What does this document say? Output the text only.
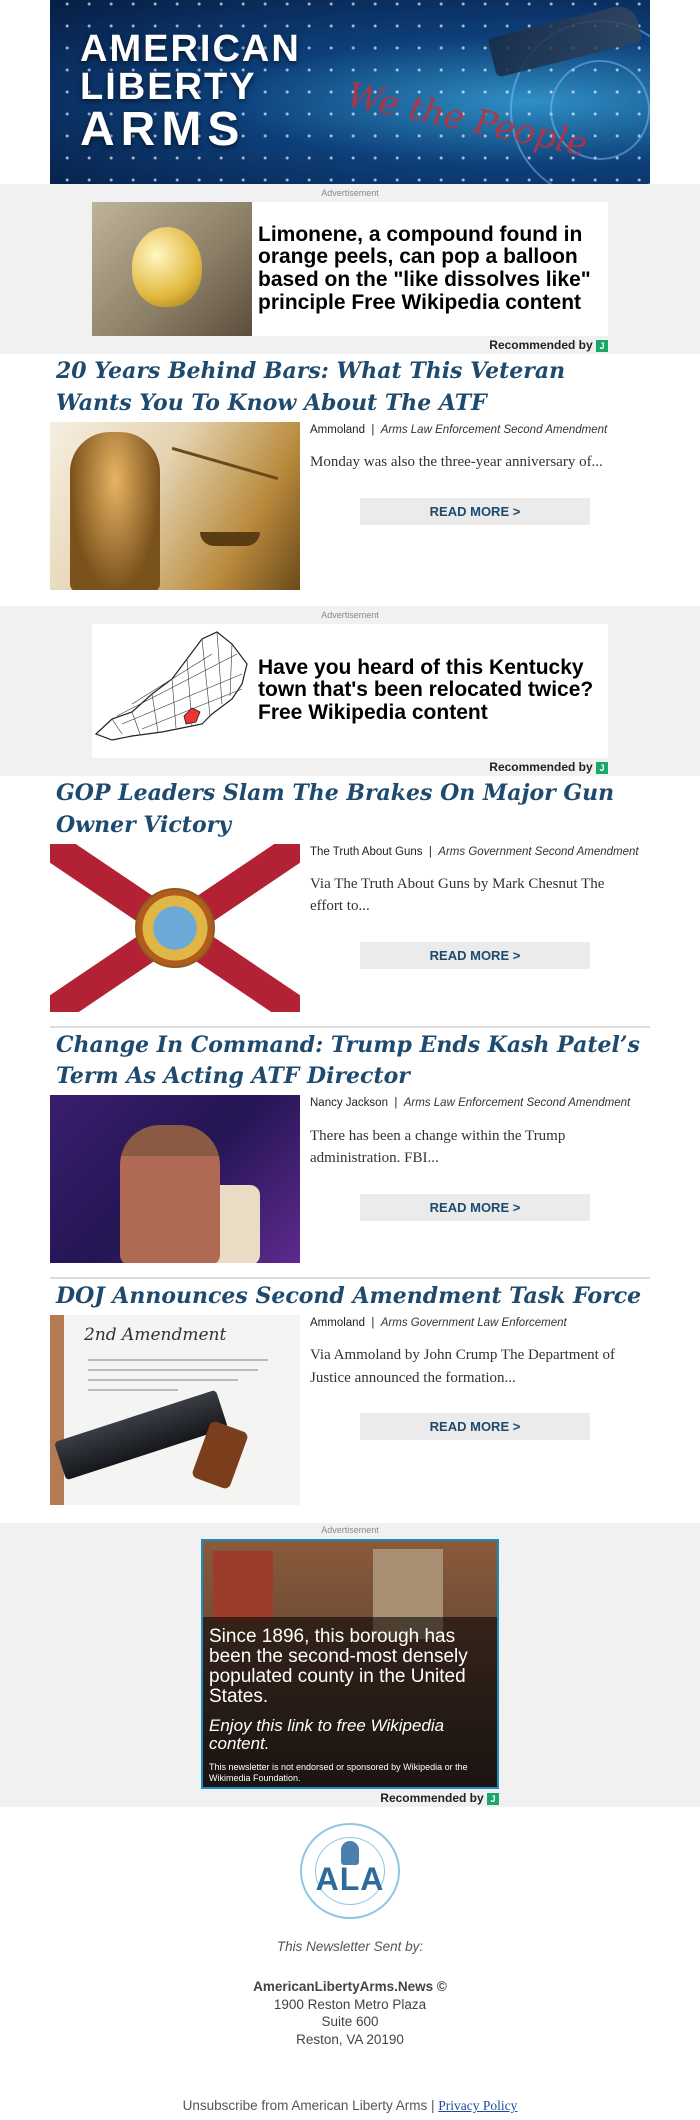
AMERICAN
LIBERTY
ARMS	We the People
Advertisement
Limonene, a compound found in orange peels, can pop a balloon based on the "like dissolves like" principle Free Wikipedia content
Recommended by J
20 Years Behind Bars: What This Veteran Wants You To Know About The ATF
Ammoland  |  Arms Law Enforcement Second Amendment
Monday was also the three-year anniversary of...
READ MORE >
Advertisement
Have you heard of this Kentucky town that's been relocated twice? Free Wikipedia content
Recommended by J
GOP Leaders Slam The Brakes On Major Gun Owner Victory
The Truth About Guns  |  Arms Government Second Amendment
Via The Truth About Guns by Mark Chesnut The effort to...
READ MORE >
Change In Command: Trump Ends Kash Patel’s Term As Acting ATF Director
Nancy Jackson  |  Arms Law Enforcement Second Amendment
There has been a change within the Trump administration. FBI...
READ MORE >
DOJ Announces Second Amendment Task Force
2nd Amendment
Ammoland  |  Arms Government Law Enforcement
Via Ammoland by John Crump The Department of Justice announced the formation...
READ MORE >
Advertisement
Since 1896, this borough has been the second-most densely populated county in the United States.
Enjoy this link to free Wikipedia content.
This newsletter is not endorsed or sponsored by Wikipedia or the Wikimedia Foundation.
Recommended by J
ALA
This Newsletter Sent by:
AmericanLibertyArms.News ©
1900 Reston Metro Plaza
Suite 600
Reston, VA 20190
Unsubscribe from American Liberty Arms | Privacy Policy
